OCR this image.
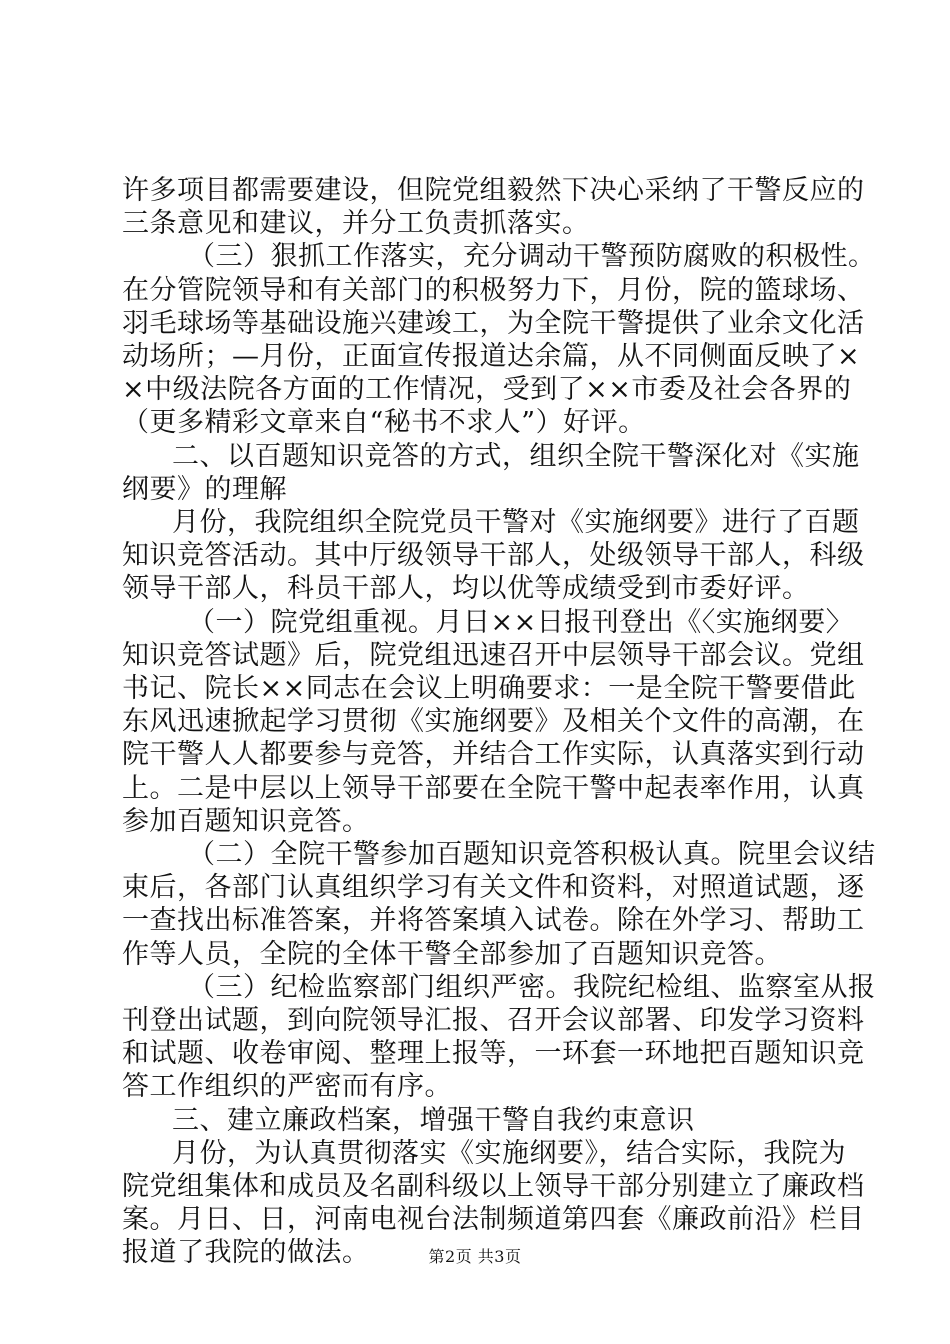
许多项目都需要建设，但院党组毅然下决心采纳了干警反应的
三条意见和建议，并分工负责抓落实。
（三）狠抓工作落实，充分调动干警预防腐败的积极性。
在分管院领导和有关部门的积极努力下，月份，院的篮球场、
羽毛球场等基础设施兴建竣工，为全院干警提供了业余文化活
动场所；—月份，正面宣传报道达余篇，从不同侧面反映了×
×中级法院各方面的工作情况，受到了××市委及社会各界的
（更多精彩文章来自“秘书不求人”）好评。
二、以百题知识竞答的方式，组织全院干警深化对《实施
纲要》的理解
月份，我院组织全院党员干警对《实施纲要》进行了百题
知识竞答活动。其中厅级领导干部人，处级领导干部人，科级
领导干部人，科员干部人，均以优等成绩受到市委好评。
（一）院党组重视。月日××日报刊登出《〈实施纲要〉
知识竞答试题》后，院党组迅速召开中层领导干部会议。党组
书记、院长××同志在会议上明确要求：一是全院干警要借此
东风迅速掀起学习贯彻《实施纲要》及相关个文件的高潮，在
院干警人人都要参与竞答，并结合工作实际，认真落实到行动
上。二是中层以上领导干部要在全院干警中起表率作用，认真
参加百题知识竞答。
（二）全院干警参加百题知识竞答积极认真。院里会议结
束后，各部门认真组织学习有关文件和资料，对照道试题，逐
一查找出标准答案，并将答案填入试卷。除在外学习、帮助工
作等人员，全院的全体干警全部参加了百题知识竞答。
（三）纪检监察部门组织严密。我院纪检组、监察室从报
刊登出试题，到向院领导汇报、召开会议部署、印发学习资料
和试题、收卷审阅、整理上报等，一环套一环地把百题知识竞
答工作组织的严密而有序。
三、建立廉政档案，增强干警自我约束意识
月份，为认真贯彻落实《实施纲要》，结合实际，我院为
院党组集体和成员及名副科级以上领导干部分别建立了廉政档
案。月日、日，河南电视台法制频道第四套《廉政前沿》栏目
报道了我院的做法。	第2页 共3页
